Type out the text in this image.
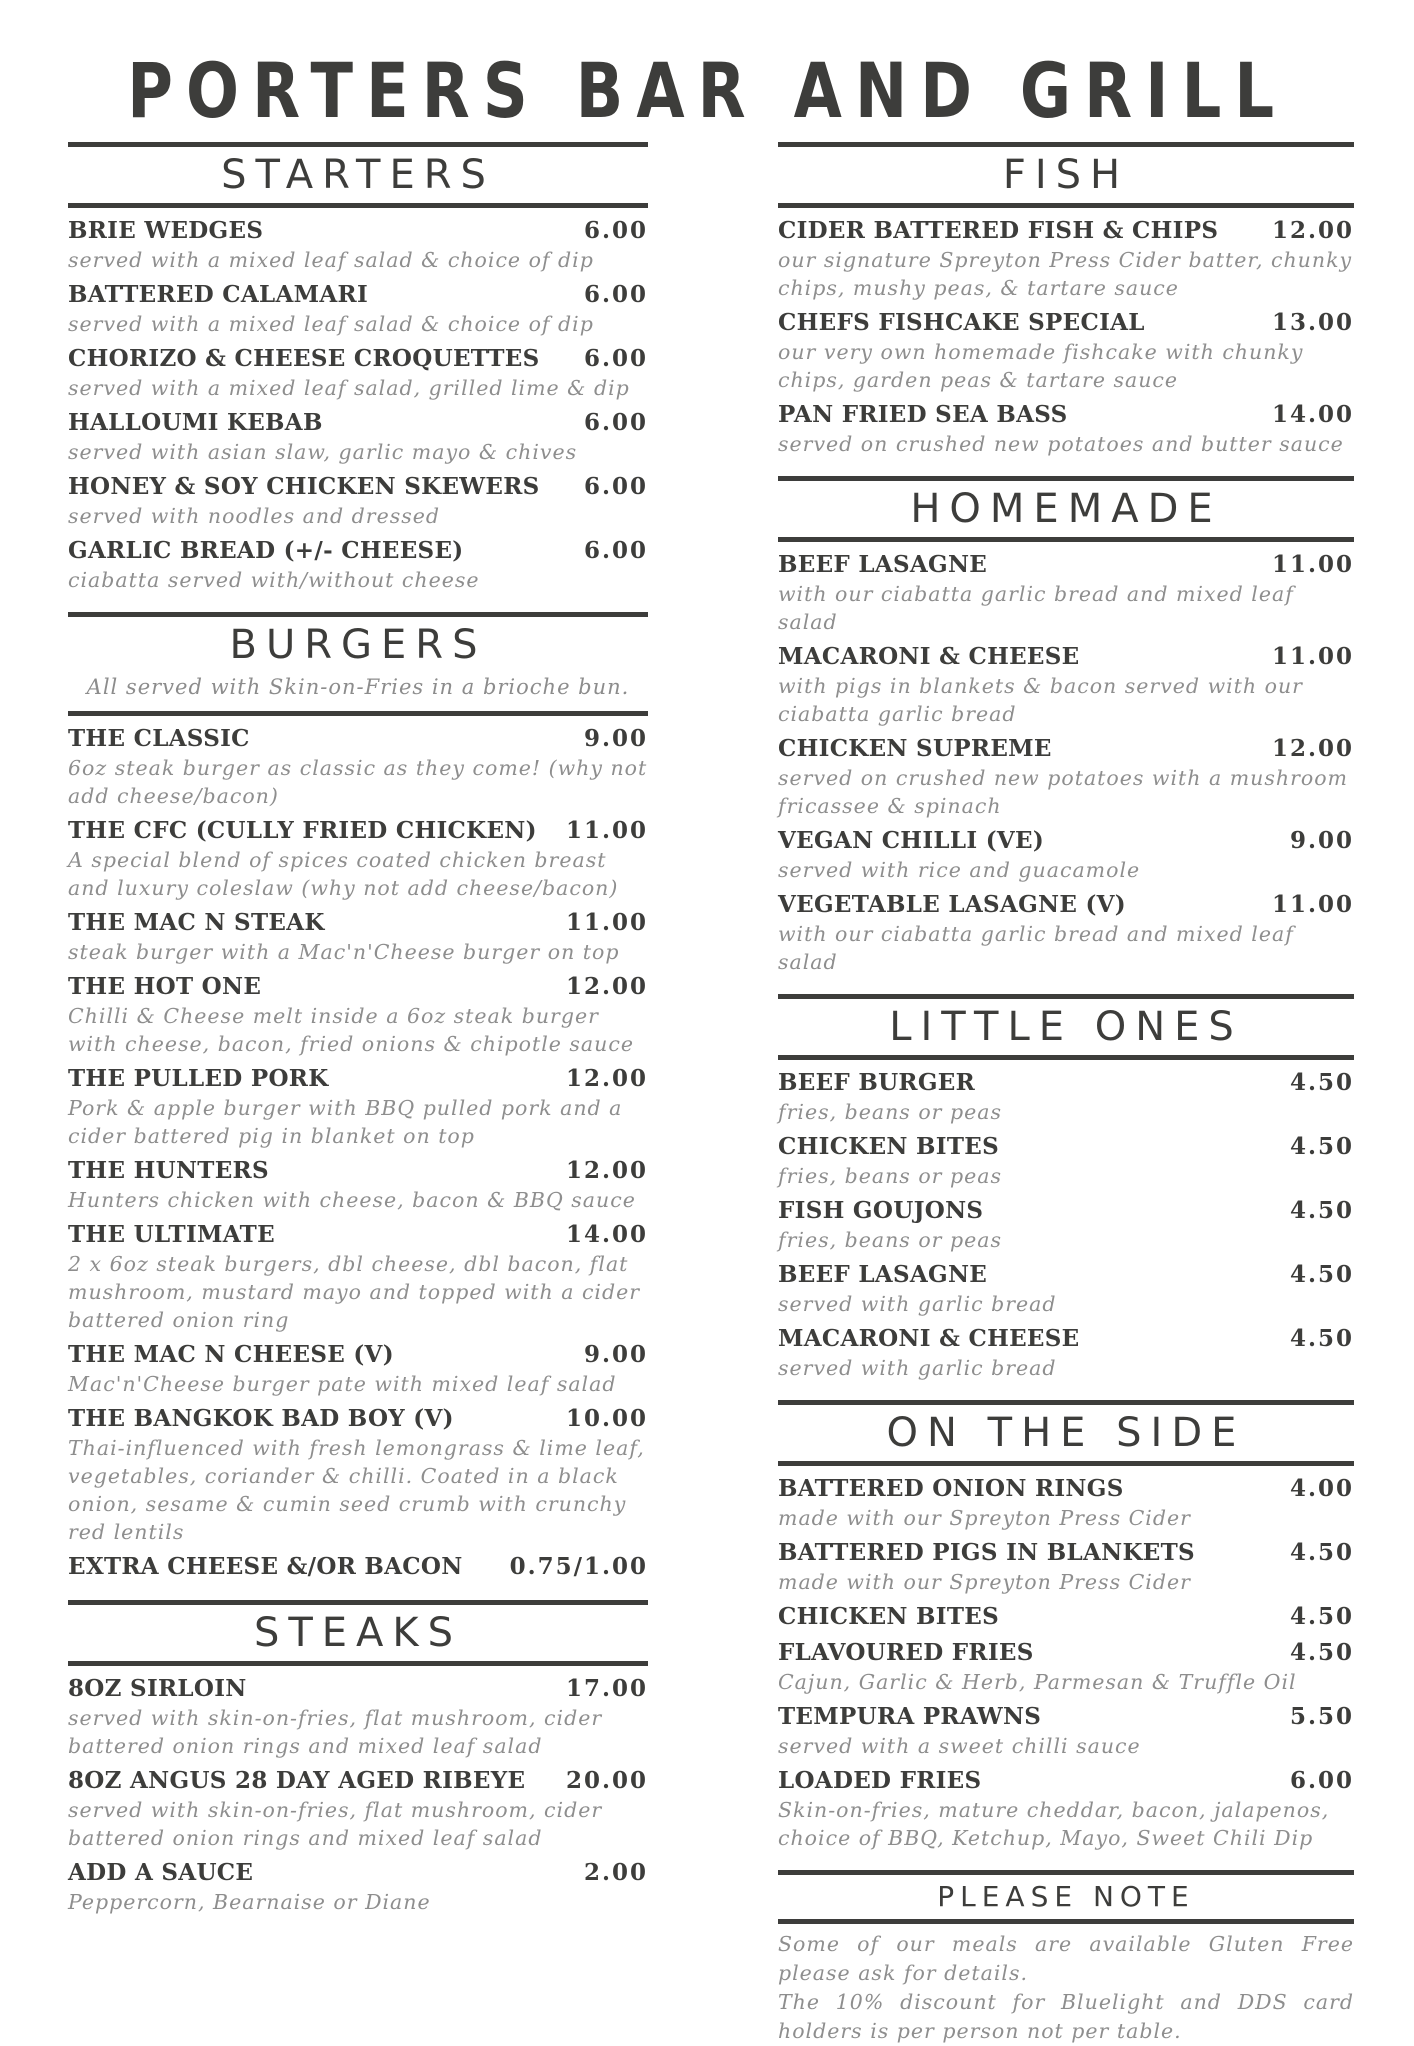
PORTERS BAR AND GRILL
STARTERS
BRIE WEDGES	6.00
served with a mixed leaf salad & choice of dip
BATTERED CALAMARI	6.00
served with a mixed leaf salad & choice of dip
CHORIZO & CHEESE CROQUETTES 6.00
served with a mixed leaf salad, grilled lime & dip
HALLOUMI KEBAB	6.00
served with asian slaw, garlic mayo & chives
HONEY & SOY CHICKEN SKEWERS 6.00
served with noodles and dressed
GARLIC BREAD (+/- CHEESE)	6.00
ciabatta served with/without cheese
BURGERS
All served with Skin-on-Fries in a brioche bun.
THE CLASSIC	9.00
6oz steak burger as classic as they come! (why not add cheese/bacon)
THE CFC (CULLY FRIED CHICKEN) 11.00
A special blend of spices coated chicken breast and luxury coleslaw (why not add cheese/bacon)
THE MAC N STEAK	11.00
steak burger with a Mac'n'Cheese burger on top
THE HOT ONE	12.00
Chilli & Cheese melt inside a 6oz steak burger with cheese, bacon, fried onions & chipotle sauce
THE PULLED PORK	12.00
Pork & apple burger with BBQ pulled pork and a cider battered pig in blanket on top
THE HUNTERS	12.00
Hunters chicken with cheese, bacon & BBQ sauce
THE ULTIMATE	14.00
2 x 6oz steak burgers, dbl cheese, dbl bacon, flat mushroom, mustard mayo and topped with a cider battered onion ring
THE MAC N CHEESE (V)	9.00
Mac'n'Cheese burger pate with mixed leaf salad
THE BANGKOK BAD BOY (V)	10.00
Thai-influenced with fresh lemongrass & lime leaf, vegetables, coriander & chilli. Coated in a black onion, sesame & cumin seed crumb with crunchy red lentils
EXTRA CHEESE &/OR BACON 0.75/1.00
STEAKS
8OZ SIRLOIN	17.00
served with skin-on-fries, flat mushroom, cider battered onion rings and mixed leaf salad
8OZ ANGUS 28 DAY AGED RIBEYE 20.00
served with skin-on-fries, flat mushroom, cider battered onion rings and mixed leaf salad
ADD A SAUCE	2.00
Peppercorn, Bearnaise or Diane
FISH
CIDER BATTERED FISH & CHIPS 12.00
our signature Spreyton Press Cider batter, chunky chips, mushy peas, & tartare sauce
CHEFS FISHCAKE SPECIAL	13.00
our very own homemade fishcake with chunky chips, garden peas & tartare sauce
PAN FRIED SEA BASS	14.00
served on crushed new potatoes and butter sauce
HOMEMADE
BEEF LASAGNE	11.00
with our ciabatta garlic bread and mixed leaf salad
MACARONI & CHEESE	11.00
with pigs in blankets & bacon served with our ciabatta garlic bread
CHICKEN SUPREME	12.00
served on crushed new potatoes with a mushroom fricassee & spinach
VEGAN CHILLI (VE)	9.00
served with rice and guacamole
VEGETABLE LASAGNE (V)	11.00
with our ciabatta garlic bread and mixed leaf salad
LITTLE ONES
BEEF BURGER	4.50
fries, beans or peas
CHICKEN BITES	4.50
fries, beans or peas
FISH GOUJONS	4.50
fries, beans or peas
BEEF LASAGNE	4.50
served with garlic bread
MACARONI & CHEESE	4.50
served with garlic bread
ON THE SIDE
BATTERED ONION RINGS	4.00
made with our Spreyton Press Cider
BATTERED PIGS IN BLANKETS	4.50
made with our Spreyton Press Cider
CHICKEN BITES	4.50
FLAVOURED FRIES	4.50
Cajun, Garlic & Herb, Parmesan & Truffle Oil
TEMPURA PRAWNS	5.50
served with a sweet chilli sauce
LOADED FRIES	6.00
Skin-on-fries, mature cheddar, bacon, jalapenos, choice of BBQ, Ketchup, Mayo, Sweet Chili Dip
PLEASE NOTE
Some of our meals are available Gluten Free please ask for details.
The 10% discount for Bluelight and DDS card holders is per person not per table.
